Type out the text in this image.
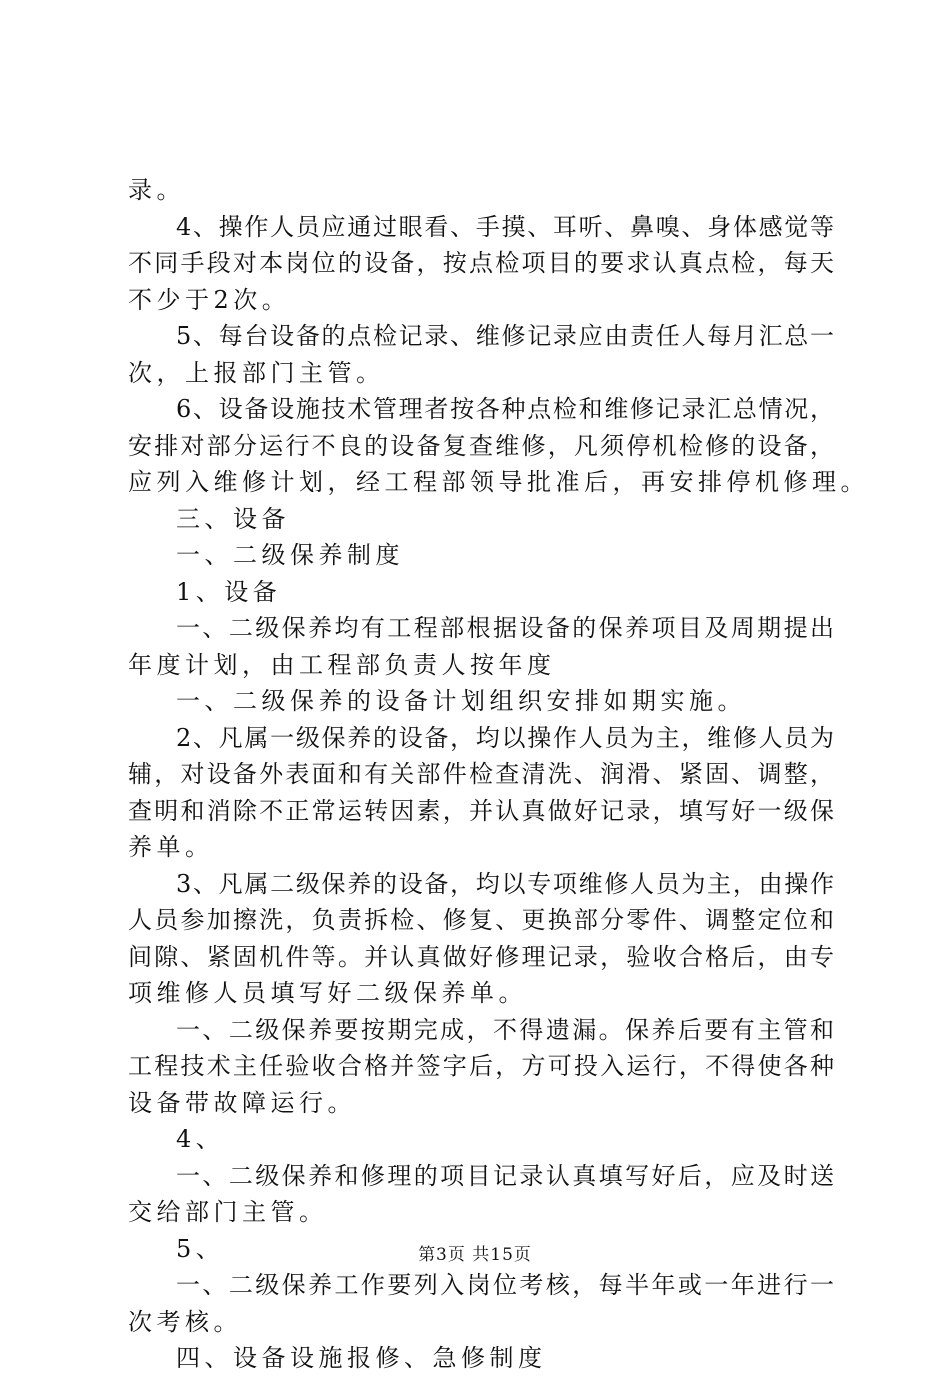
录。
4、操作人员应通过眼看、手摸、耳听、鼻嗅、身体感觉等
不同手段对本岗位的设备，按点检项目的要求认真点检，每天
不少于2次。
5、每台设备的点检记录、维修记录应由责任人每月汇总一
次，上报部门主管。
6、设备设施技术管理者按各种点检和维修记录汇总情况，
安排对部分运行不良的设备复查维修，凡须停机检修的设备，
应列入维修计划，经工程部领导批准后，再安排停机修理。
三、设备
一、二级保养制度
1、设备
一、二级保养均有工程部根据设备的保养项目及周期提出
年度计划，由工程部负责人按年度
一、二级保养的设备计划组织安排如期实施。
2、凡属一级保养的设备，均以操作人员为主，维修人员为
辅，对设备外表面和有关部件检查清洗、润滑、紧固、调整，
查明和消除不正常运转因素，并认真做好记录，填写好一级保
养单。
3、凡属二级保养的设备，均以专项维修人员为主，由操作
人员参加擦洗，负责拆检、修复、更换部分零件、调整定位和
间隙、紧固机件等。并认真做好修理记录，验收合格后，由专
项维修人员填写好二级保养单。
一、二级保养要按期完成，不得遗漏。保养后要有主管和
工程技术主任验收合格并签字后，方可投入运行，不得使各种
设备带故障运行。
4、
一、二级保养和修理的项目记录认真填写好后，应及时送
交给部门主管。
5、
一、二级保养工作要列入岗位考核，每半年或一年进行一
次考核。
四、设备设施报修、急修制度
第3页 共15页
